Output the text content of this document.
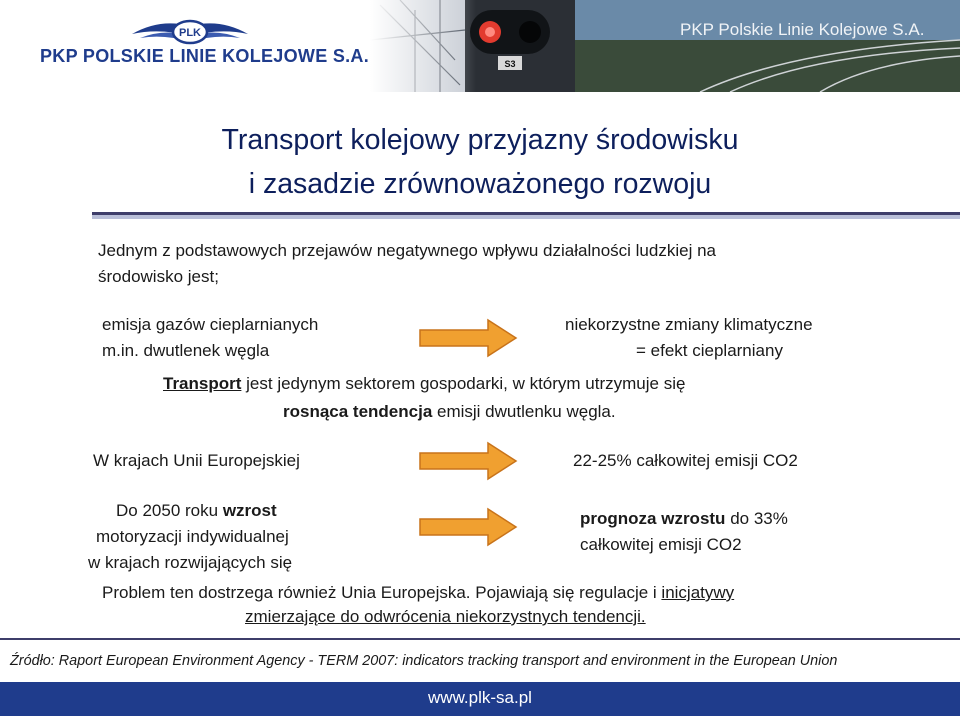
PLK
PKP POLSKIE LINIE KOLEJOWE S.A.	S3
PKP Polskie Linie Kolejowe S.A.
Transport kolejowy przyjazny środowisku
i zasadzie zrównoważonego rozwoju
Jednym z podstawowych przejawów negatywnego wpływu działalności ludzkiej na
środowisko jest;
emisja gazów cieplarnianych
m.in. dwutlenek węgla
niekorzystne zmiany klimatyczne
= efekt cieplarniany
Transport jest jedynym sektorem gospodarki, w którym utrzymuje się
rosnąca tendencja emisji dwutlenku węgla.
W krajach Unii Europejskiej	22-25% całkowitej emisji CO2
Do 2050 roku wzrost
motoryzacji indywidualnej
w krajach rozwijających się
prognoza wzrostu do 33%
całkowitej emisji CO2
Problem ten dostrzega również Unia Europejska. Pojawiają się regulacje i inicjatywy
zmierzające do odwrócenia niekorzystnych tendencji.
Źródło: Raport European Environment Agency - TERM 2007: indicators tracking transport and environment in the European Union
www.plk-sa.pl
